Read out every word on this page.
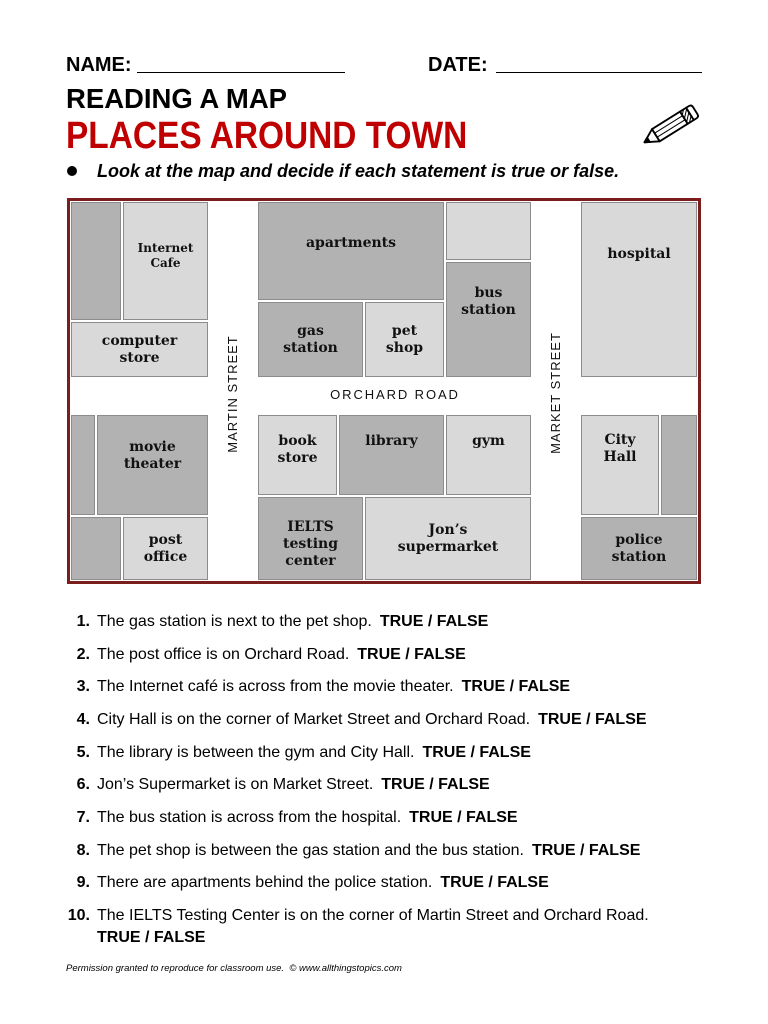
NAME:	DATE:
READING A MAP
PLACES AROUND TOWN
Look at the map and decide if each statement is true or false.
Internet
Cafe
computer
store
apartments
bus
station
gas
station
pet
shop
hospital
movie
theater
post
office
book
store
library	gym
IELTS
testing
center
Jon’s
supermarket
City
Hall
police
station
MARTIN STREET	MARKET STREET
ORCHARD ROAD
1. The gas station is next to the pet shop. TRUE / FALSE
2. The post office is on Orchard Road. TRUE / FALSE
3. The Internet café is across from the movie theater. TRUE / FALSE
4. City Hall is on the corner of Market Street and Orchard Road. TRUE / FALSE
5. The library is between the gym and City Hall. TRUE / FALSE
6. Jon’s Supermarket is on Market Street. TRUE / FALSE
7. The bus station is across from the hospital. TRUE / FALSE
8. The pet shop is between the gas station and the bus station. TRUE / FALSE
9. There are apartments behind the police station. TRUE / FALSE
10. The IELTS Testing Center is on the corner of Martin Street and Orchard Road.
TRUE / FALSE
Permission granted to reproduce for classroom use.  © www.allthingstopics.com
